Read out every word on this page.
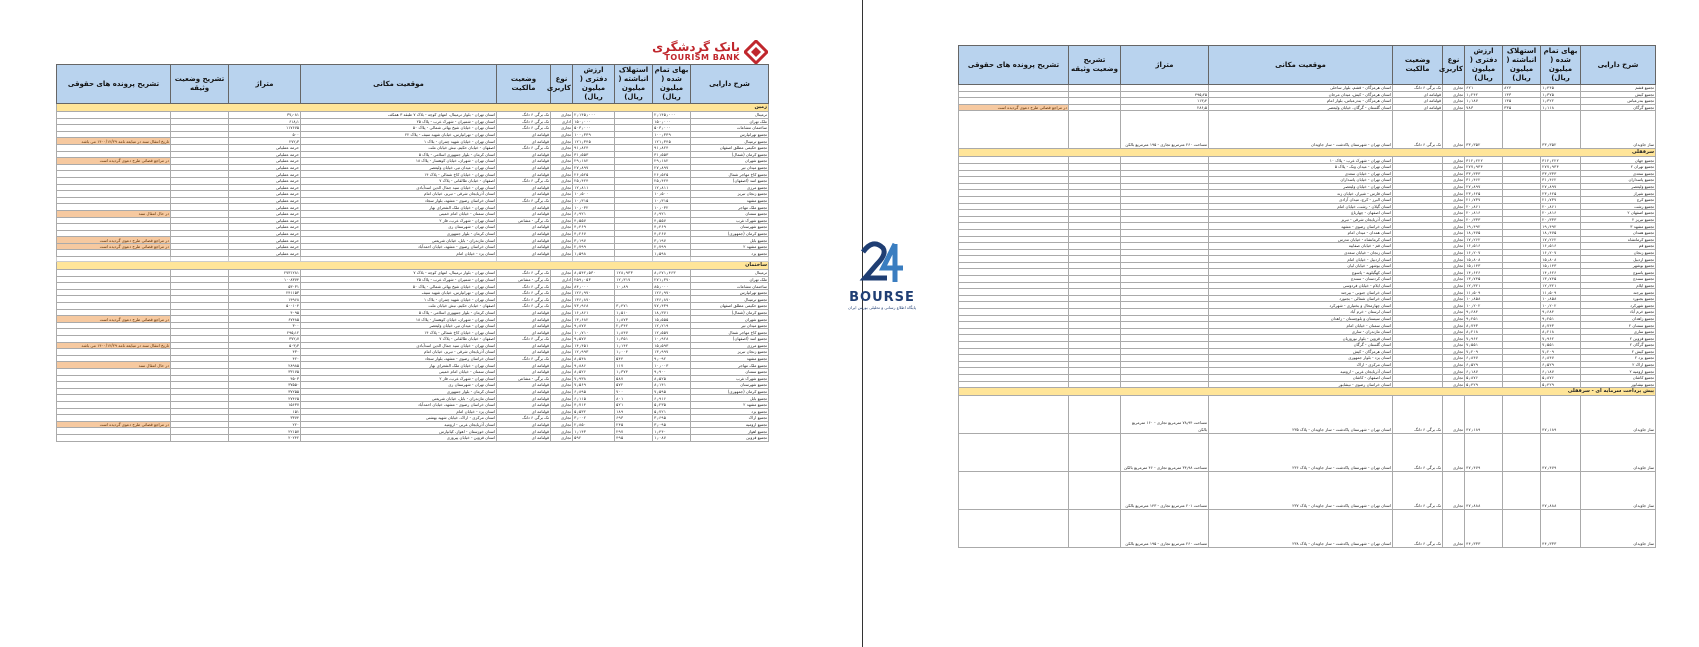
بانک گردشگری
TOURISM BANK
BOURSE
پایگاه اطلاع رسانی و تحلیلی بورس ایران
شرح دارایی	بهای تمام شده ( میلیون ریال)	استهلاک انباشته ( میلیون ریال)	ارزش دفتری ( میلیون ریال)	نوع کاربری	وضعیت مالکیت	موقعیت مکانی	متراژ	تشریح وضعیت وثیقه	تشریح پرونده های حقوقی
زمین									
ترمینال	۲٫۱۴۵٫۰۰۰		۲٫۱۴۵٫۰۰۰	تجاری	تک برگی ۶ دانگ	استان تهران - بلوار ترمینال، انتهای کوچه - بلاک ۷ طبقه ۳ همکف	۳۷٫۰۸۱		
ملک تهران	۱۵۰٫۰۰۰		۱۵۰٫۰۰۰	اداری	تک برگی ۶ دانگ	استان تهران - شمیران - شهرک غرب - پلاک ۲۵	۶۱۸٫۱		
ساختمان مشاعات	۵۰۳٫۰۰۰		۵۰۳٫۰۰۰	تجاری	تک برگی ۶ دانگ	استان تهران - خیابان شیخ بهائی شمالی - پلاک ۵۰	۱۱۷۶۷۵		
تجمیع تهرانپارس	۱۰۰٫۳۳۹		۱۰۰٫۳۳۹	تجاری	قولنامه ای	استان تهران - تهرانپارس، خیابان شهید سیف - پلاک ۲۲	۵۰۰		
تجمیع ترمینال	۱۲۱٫۳۴۵		۱۲۱٫۳۴۵	تجاری	قولنامه ای	استان تهران - خیابان شهید چمران - بلاک ۱	۲۷۲٫۳		تاریخ انتقال سند در مبایعه نامه ۱۴۰۰/۱۲/۲۹ می باشد
تجمیع حکیمی مطلق اصفهان	۹۱٫۸۲۴		۹۱٫۸۲۴	تجاری	تک برگی ۶ دانگ	اصفهان - خیابان حکیم، نبش خیابان ملت	حرمه عملیاتی		
تجمیع کرمان (شمال)	۳۱٫۵۵۳		۳۱٫۵۵۳	تجاری	قولنامه ای	استان کرمان - بلوار جمهوری اسلامی - پلاک ۵	حرمه عملیاتی		
تجمیع شهران	۲۹٫۱۸۲		۲۹٫۱۸۲	تجاری	قولنامه ای	استان تهران - شهران، خیابان کوهسار - پلاک ۱۸	حرمه عملیاتی		در مراجع قضائی طرح دعوی گردیده است
تجمیع میدان تیر	۲۷٫۸۹۷		۲۷٫۸۹۷	تجاری	قولنامه ای	استان تهران - میدان تیر، خیابان ولیعصر	حرمه عملیاتی		
تجمیع کاخ مهاجر شمال	۲۶٫۵۲۵		۲۶٫۵۲۵	تجاری	قولنامه ای	استان تهران - خیابان کاخ شمالی - پلاک ۱۴	حرمه عملیاتی		
تجمیع اسد (اصفهان)	۲۵٫۴۲۴		۲۵٫۴۲۴	تجاری	تک برگی ۶ دانگ	اصفهان - خیابان طالقانی - پلاک ۷	حرمه عملیاتی		
تجمیع مرزی	۱۲٫۸۱۱		۱۲٫۸۱۱	تجاری	قولنامه ای	استان تهران - خیابان سید جمال الدین اسدآبادی	حرمه عملیاتی		
تجمیع زنجان تبریز	۱۰٫۵۰۰		۱۰٫۵۰۰	تجاری	قولنامه ای	استان آذربایجان شرقی - تبریز، خیابان امام	حرمه عملیاتی		
تجمیع مشهد	۱۰٫۳۱۵		۱۰٫۳۱۵	تجاری	تک برگی ۶ دانگ	استان خراسان رضوی - مشهد، بلوار سجاد	حرمه عملیاتی		
تجمیع ملک مهاجر	۱۰٫۰۳۲		۱۰٫۰۳۲	تجاری	قولنامه ای	استان تهران - خیابان ملک الشعرای بهار	حرمه عملیاتی		
تجمیع سمنان	۶٫۹۲۱		۶٫۹۲۱	تجاری	قولنامه ای	استان سمنان - خیابان امام خمینی	حرمه عملیاتی		در حال انتقال سند
تجمیع شهرک غرب	۴٫۵۵۷		۴٫۵۵۷	تجاری	تک برگی - مشاعی	استان تهران - شهرک غرب، فاز ۲	حرمه عملیاتی		
تجمیع شهرستان	۴٫۴۶۹		۴٫۴۶۹	تجاری	قولنامه ای	استان تهران - شهرستان ری	حرمه عملیاتی		
تجمیع کرمان (جمهوری)	۴٫۲۶۷		۴٫۲۶۷	تجاری	قولنامه ای	استان کرمان - بلوار جمهوری	حرمه عملیاتی		
تجمیع بابل	۳٫۱۹۷		۳٫۱۹۷	تجاری	قولنامه ای	استان مازندران - بابل، خیابان شریعتی	حرمه عملیاتی		در مراجع قضائی طرح دعوی گردیده است
تجمیع مشهد ۲	۲٫۷۹۹		۲٫۷۹۹	تجاری	قولنامه ای	استان خراسان رضوی - مشهد، خیابان احمدآباد	حرمه عملیاتی		در مراجع قضائی طرح دعوی گردیده است
تجمیع یزد	۱٫۵۹۸		۱٫۵۹۸	تجاری	قولنامه ای	استان یزد - خیابان امام	حرمه عملیاتی		

ساختمان									
ترمینال	۸٫۶۷۱٫۴۶۳	۱۲۸٫۹۳۳	۸٫۵۴۲٫۵۳۰	تجاری	تک برگی ۶ دانگ	استان تهران - بلوار ترمینال، انتهای کوچه - بلاک ۷	۲۷۳۱۲۸۱		
ملک تهران	۲۷۱٫۳۷۰	۱۲٫۳۱۷	۲۵۹٫۰۵۳	اداری	تک برگی - مشاعی	استان تهران - شمیران - شهرک غرب - پلاک ۲۵	۱۰۰۸۳۷۴		
ساختمان مشاعات	۸۵٫۰۰۰	۱۰٫۸۹	۸۴٫۰۰۰	تجاری	تک برگی ۶ دانگ	استان تهران - خیابان شیخ بهائی شمالی - پلاک ۵۰	۵۳۰۳۱		
تجمیع تهرانپارس	۱۲۶٫۹۷۰		۱۲۶٫۹۷۰	تجاری	تک برگی ۶ دانگ	استان تهران - تهرانپارس، خیابان شهید سیف	۲۴۱۱۵۳		
تجمیع ترمینال	۱۳۶٫۸۷۰		۱۳۶٫۸۷۰	تجاری	تک برگی ۶ دانگ	استان تهران - خیابان شهید چمران - بلاک ۱	۱۴۹۶۸		
تجمیع حکیمی مطلق اصفهان	۷۷٫۴۳۹	۳٫۴۷۱	۷۳٫۹۶۸	تجاری	تک برگی ۶ دانگ	اصفهان - خیابان حکیم، نبش خیابان ملت	۵۰۰۱۰۴		
تجمیع کرمان (شمال)	۱۸٫۳۷۱	۱٫۵۱۰	۱۶٫۸۶۱	تجاری	قولنامه ای	استان کرمان - بلوار جمهوری اسلامی - پلاک ۵	۴۰۹۵		
تجمیع شهران	۱۵٫۵۵۵	۱٫۸۷۳	۱۳٫۶۸۲	تجاری	قولنامه ای	استان تهران - شهران، خیابان کوهسار - پلاک ۱۸	۶۷۴۸۵		در مراجع قضائی طرح دعوی گردیده است
تجمیع میدان تیر	۱۲٫۲۱۹	۲٫۳۴۲	۹٫۸۷۷	تجاری	قولنامه ای	استان تهران - میدان تیر، خیابان ولیعصر	۳۰۰		
تجمیع کاخ مهاجر شمال	۱۲٫۵۵۷	۱٫۸۴۷	۱۰٫۷۱۰	تجاری	قولنامه ای	استان تهران - خیابان کاخ شمالی - پلاک ۱۴	۲۹۵٫۱۲		
تجمیع اسد (اصفهان)	۱۰٫۹۲۸	۱٫۳۵۱	۹٫۵۷۷	تجاری	تک برگی ۶ دانگ	اصفهان - خیابان طالقانی - پلاک ۷	۳۷۲٫۷		
تجمیع مرزی	۱۵٫۵۹۳	۱٫۱۴۲	۱۴٫۴۵۱	تجاری	قولنامه ای	استان تهران - خیابان سید جمال الدین اسدآبادی	۵۰۳٫۳		تاریخ انتقال سند در مبایعه نامه ۱۴۰۰/۱۲/۲۹ می باشد
تجمیع زنجان تبریز	۱۳٫۹۹۷	۱٫۰۰۴	۱۲٫۹۹۳	تجاری	قولنامه ای	استان آذربایجان شرقی - تبریز، خیابان امام	۴۳۰		
تجمیع مشهد	۹٫۰۹۲	۵۴۴	۸٫۵۴۸	تجاری	تک برگی ۶ دانگ	استان خراسان رضوی - مشهد، بلوار سجاد	۴۲۰		
تجمیع ملک مهاجر	۱۰٫۰۰۳	۱۱۷	۹٫۸۸۶	تجاری	قولنامه ای	استان تهران - خیابان ملک الشعرای بهار	۲۸۹۸۵		در حال انتقال سند
تجمیع سمنان	۹٫۹۰۰	۱٫۳۷۴	۸٫۵۲۶	تجاری	قولنامه ای	استان سمنان - خیابان امام خمینی	۳۳۱۷۵		
تجمیع شهرک غرب	۸٫۵۲۵	۵۸۷	۷٫۹۳۸	تجاری	تک برگی - مشاعی	استان تهران - شهرک غرب، فاز ۲	۴۵۰۳		
تجمیع شهرستان	۸٫۱۴۱	۵۷۲	۷٫۵۶۹	تجاری	قولنامه ای	استان تهران - شهرستان ری	۳۷۵۵۰		
تجمیع کرمان (جمهوری)	۷٫۵۹۵	۷۰۰	۶٫۸۹۵	تجاری	قولنامه ای	استان کرمان - بلوار جمهوری	۳۷۲۵۵		
تجمیع بابل	۶٫۹۱۶	۸۰۱	۶٫۱۱۵	تجاری	قولنامه ای	استان مازندران - بابل، خیابان شریعتی	۲۷۴۶۵		
تجمیع مشهد ۲	۵٫۲۳۵	۵۲۱	۴٫۷۱۴	تجاری	قولنامه ای	استان خراسان رضوی - مشهد، خیابان احمدآباد	۱۵۶۳۷		
تجمیع یزد	۵٫۷۲۱	۱۸۹	۵٫۵۳۲	تجاری	قولنامه ای	استان یزد - خیابان امام	۱۵۱		
تجمیع اراک	۳٫۶۹۵	۶۹۳	۳٫۰۰۲	تجاری	تک برگی ۶ دانگ	استان مرکزی - اراک، خیابان شهید بهشتی	۳۳۷۴		
تجمیع ارومیه	۳٫۰۹۵	۲۴۵	۲٫۸۵۰	تجاری	قولنامه ای	استان آذربایجان غربی - ارومیه	۲۲۰		در مراجع قضائی طرح دعوی گردیده است
تجمیع اهواز	۱٫۴۴۰	۲۹۷	۱٫۱۴۳	تجاری	قولنامه ای	استان خوزستان - اهواز، کیانپارس	۲۲۱۵۷		
تجمیع قزوین	۱٫۰۸۷	۴۹۵	۵۹۲	تجاری	قولنامه ای	استان قزوین - خیابان پیروزی	۲۰۲۴۲		
شرح دارایی	بهای تمام شده ( میلیون ریال)	استهلاک انباشته ( میلیون ریال)	ارزش دفتری ( میلیون ریال)	نوع کاربری	وضعیت مالکیت	موقعیت مکانی	متراژ	تشریح وضعیت وثیقه	تشریح پرونده های حقوقی
تجمیع قشم	۱٫۴۴۵	۸۲۴	۶۲۱	تجاری	تک برگی ۶ دانگ	استان هرمزگان - قشم، بلوار ساحلی			
تجمیع کیش	۱٫۳۷۵	۱۳۳	۱٫۲۴۲	تجاری	قولنامه ای	استان هرمزگان - کیش، میدان مرجان	۴۹۵٫۲۵		
تجمیع بندرعباس	۱٫۳۲۲	۱۳۵	۱٫۱۸۷	تجاری	قولنامه ای	استان هرمزگان - بندرعباس، بلوار امام	۱۱۳٫۴		
تجمیع گرگان	۱٫۱۱۸	۳۳۵	۷۸۳	تجاری	قولنامه ای	استان گلستان - گرگان، خیابان ولیعصر	۲۸۶٫۵		در مراجع قضائی طرح دعوی گردیده است
ساز جاویدان	۳۳٫۳۵۲		۳۳٫۳۵۲	تجاری	تک برگی ۶ دانگ	استان تهران - شهرستان پاکدشت - ساز جاویدان	مساحت ۲۶۰ مترمربع تجاری - ۱۹۵ مترمربع بالکن		
سرقفلی									
تجمیع جهان	۳۱۲٫۲۲۲		۳۱۲٫۲۲۲	تجاری		استان تهران - شهرک غرب - پلاک ۱۰			
تجمیع تهران ۲	۲۷۷٫۹۳۴		۲۷۷٫۹۳۴	تجاری		استان تهران - میدان ونک - پلاک ۵			
تجمیع سعدی	۳۳٫۳۳۳		۳۳٫۳۳۳	تجاری		استان تهران - خیابان سعدی			
تجمیع پاسداران	۳۱٫۴۶۲		۳۱٫۴۶۲	تجاری		استان تهران - خیابان پاسداران			
تجمیع ولیعصر	۲۷٫۸۹۷		۲۷٫۸۹۷	تجاری		استان تهران - خیابان ولیعصر			
تجمیع شیراز	۲۳٫۶۲۵		۲۳٫۶۲۵	تجاری		استان فارس - شیراز، خیابان زند			
تجمیع کرج	۲۱٫۷۳۷		۲۱٫۷۳۷	تجاری		استان البرز - کرج، میدان آزادی			
تجمیع رشت	۲۰٫۸۶۱		۲۰٫۸۶۱	تجاری		استان گیلان - رشت، خیابان امام			
تجمیع اصفهان ۲	۲۰٫۸۱۶		۲۰٫۸۱۶	تجاری		استان اصفهان - چهارباغ			
تجمیع تبریز ۲	۲۰٫۳۳۳		۲۰٫۳۳۳	تجاری		استان آذربایجان شرقی - تبریز			
تجمیع مشهد ۳	۱۹٫۴۹۲		۱۹٫۴۹۲	تجاری		استان خراسان رضوی - مشهد			
تجمیع همدان	۱۸٫۴۷۵		۱۸٫۴۷۵	تجاری		استان همدان - میدان امام			
تجمیع کرمانشاه	۱۷٫۲۶۲		۱۷٫۲۶۲	تجاری		استان کرمانشاه - خیابان مدرس			
تجمیع قم	۱۶٫۵۱۶		۱۶٫۵۱۶	تجاری		استان قم - خیابان صفاییه			
تجمیع زنجان	۱۶٫۲۰۷		۱۶٫۲۰۷	تجاری		استان زنجان - خیابان سعدی			
تجمیع اردبیل	۱۵٫۸۰۸		۱۵٫۸۰۸	تجاری		استان اردبیل - خیابان امام			
تجمیع بوشهر	۱۵٫۱۴۳		۱۵٫۱۴۳	تجاری		استان بوشهر - خیابان لیان			
تجمیع یاسوج	۱۴٫۶۲۶		۱۴٫۶۲۶	تجاری		استان کهگیلویه - یاسوج			
تجمیع سنندج	۱۳٫۷۴۵		۱۳٫۷۴۵	تجاری		استان کردستان - سنندج			
تجمیع ایلام	۱۲٫۳۲۱		۱۲٫۳۲۱	تجاری		استان ایلام - خیابان فردوسی			
تجمیع بیرجند	۱۱٫۵۰۹		۱۱٫۵۰۹	تجاری		استان خراسان جنوبی - بیرجند			
تجمیع بجنورد	۱۰٫۸۵۸		۱۰٫۸۵۸	تجاری		استان خراسان شمالی - بجنورد			
تجمیع شهرکرد	۱۰٫۲۰۲		۱۰٫۲۰۲	تجاری		استان چهارمحال و بختیاری - شهرکرد			
تجمیع خرم آباد	۹٫۶۸۴		۹٫۶۸۴	تجاری		استان لرستان - خرم آباد			
تجمیع زاهدان	۹٫۲۵۱		۹٫۲۵۱	تجاری		استان سیستان و بلوچستان - زاهدان			
تجمیع سمنان ۲	۸٫۷۴۳		۸٫۷۴۳	تجاری		استان سمنان - خیابان امام			
تجمیع ساری	۸٫۲۱۸		۸٫۲۱۸	تجاری		استان مازندران - ساری			
تجمیع قزوین ۲	۷٫۹۶۲		۷٫۹۶۲	تجاری		استان قزوین - بلوار نوروزیان			
تجمیع گرگان ۲	۷٫۵۵۱		۷٫۵۵۱	تجاری		استان گلستان - گرگان			
تجمیع کیش ۲	۷٫۲۰۹		۷٫۲۰۹	تجاری		استان هرمزگان - کیش			
تجمیع یزد ۲	۶٫۸۴۷		۶٫۸۴۷	تجاری		استان یزد - بلوار جمهوری			
تجمیع اراک ۲	۶٫۵۲۹		۶٫۵۲۹	تجاری		استان مرکزی - اراک			
تجمیع ارومیه ۲	۶٫۱۸۷		۶٫۱۸۷	تجاری		استان آذربایجان غربی - ارومیه			
تجمیع کاشان	۵٫۸۷۶		۵٫۸۷۶	تجاری		استان اصفهان - کاشان			
تجمیع نیشابور	۵٫۴۲۹		۵٫۴۲۹	تجاری		استان خراسان رضوی - نیشابور			
پیش پرداخت سرمایه ای - سرقفلی									
ساز جاویدان	۴۷٫۱۸۹		۴۷٫۱۸۹	تجاری	تک برگی ۶ دانگ	استان تهران - شهرستان پاکدشت - ساز جاویدان - پلاک ۲۳۵	مساحت ۷۸٫۹۴ مترمربع تجاری - ۱۶۰ مترمربع بالکن		
ساز جاویدان	۴۷٫۴۷۹		۴۷٫۴۷۹	تجاری	تک برگی ۶ دانگ	استان تهران - شهرستان پاکدشت - ساز جاویدان - پلاک ۲۳۶	مساحت ۳۴٫۹۸ مترمربع تجاری - ۴۶ مترمربع بالکن		
ساز جاویدان	۴۷٫۸۸۸		۴۷٫۸۸۸	تجاری	تک برگی ۶ دانگ	استان تهران - شهرستان پاکدشت - ساز جاویدان - پلاک ۲۳۷	مساحت ۲۰۱ مترمربع تجاری - ۱۴۳ مترمربع بالکن		
ساز جاویدان	۴۴٫۳۳۳		۴۴٫۳۳۳	تجاری	تک برگی ۶ دانگ	استان تهران - شهرستان پاکدشت - ساز جاویدان - پلاک ۲۳۸	مساحت ۲۶۰ مترمربع تجاری - ۱۹۵ مترمربع بالکن		
